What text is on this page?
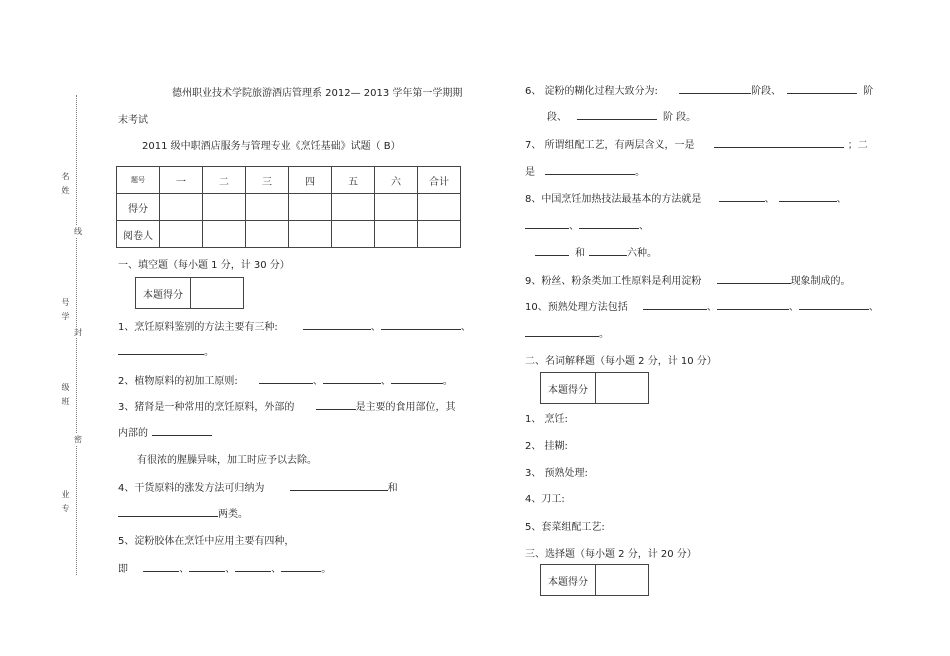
名姓
线
号学
封
级班
密
业专
德州职业技术学院旅游酒店管理系 2012— 2013 学年第一学期期
末考试
2011 级中职酒店服务与管理专业《烹饪基础》试题（ B）
题号	一	二	三	四	五	六	合计
得分							
阅卷人							
一、填空题（每小题 1 分，计 30 分）
本题得分
1、烹饪原料鉴别的方法主要有三种:	、	、
。
2、植物原料的初加工原则:	、	、	。
3、猪肾是一种常用的烹饪原料，外部的	是主要的食用部位，其
内部的
有很浓的腥臊异味，加工时应予以去除。
4、干货原料的涨发方法可归纳为	和
两类。
5、淀粉胶体在烹饪中应用主要有四种，
即	、	、	、	。
6、 淀粉的糊化过程大致分为:	阶段、	阶
段、	阶 段。
7、 所谓组配工艺，有两层含义，一是	；二
是	。
8、中国烹饪加热技法最基本的方法就是	、	、
、	、
和	六种。
9、粉丝、粉条类加工性原料是利用淀粉	现象制成的。
10、预熟处理方法包括	、	、	、
。
二、名词解释题（每小题 2 分，计 10 分）
本题得分
1、 烹饪:
2、 挂糊:
3、 预熟处理:
4、刀工:
5、套菜组配工艺:
三、选择题（每小题 2 分，计 20 分）
本题得分
